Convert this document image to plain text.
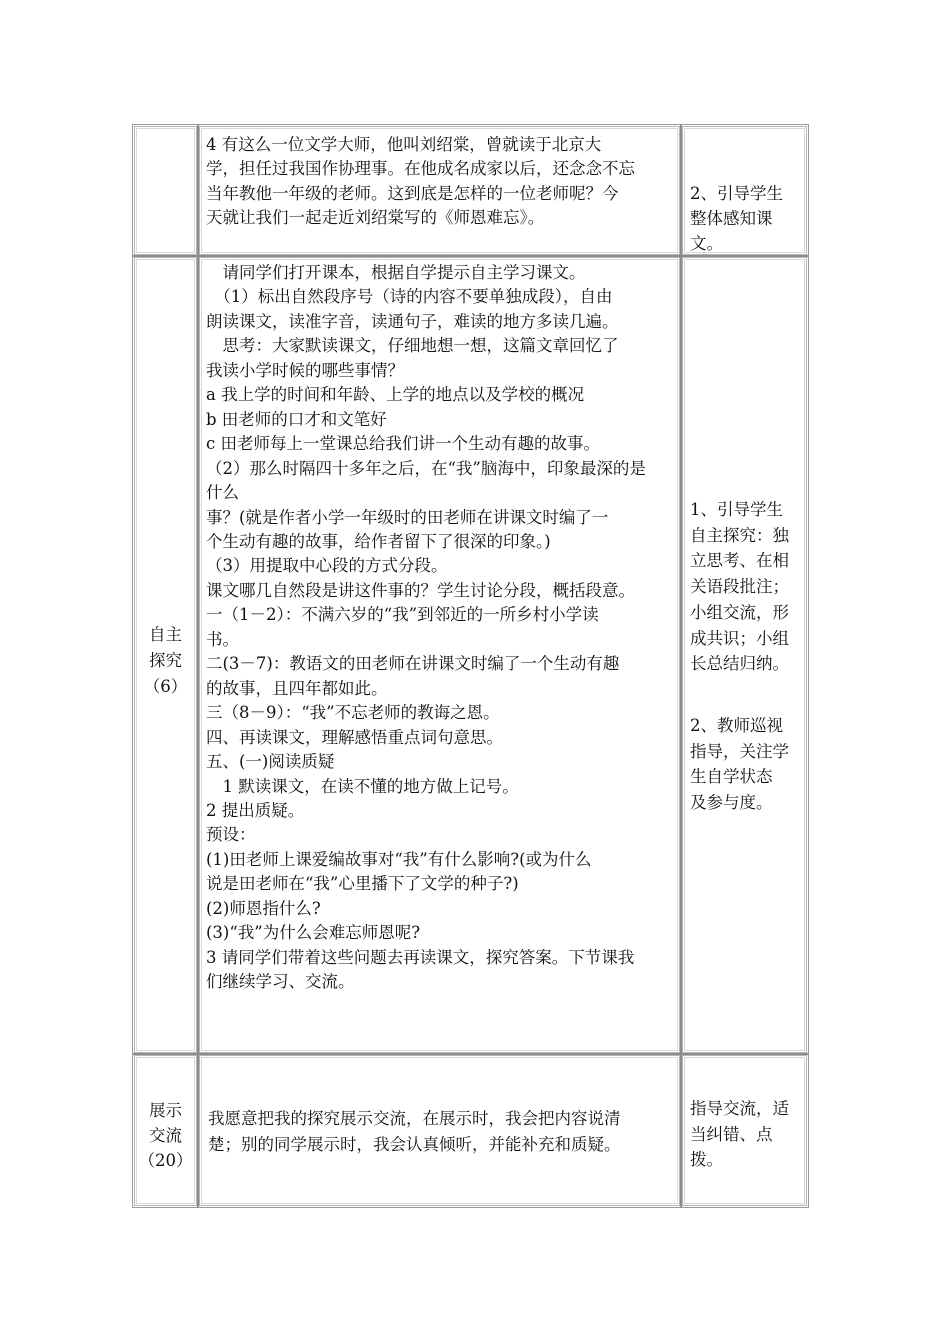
4 有这么一位文学大师，他叫刘绍棠，曾就读于北京大

学，担任过我国作协理事。在他成名成家以后，还念念不忘

当年教他一年级的老师。这到底是怎样的一位老师呢？今

天就让我们一起走近刘绍棠写的《师恩难忘》。

2、引导学生

整体感知课

文。

自主

探究

（6）

　请同学们打开课本，根据自学提示自主学习课文。

　（1）标出自然段序号（诗的内容不要单独成段），自由

朗读课文，读准字音，读通句子，难读的地方多读几遍。

　思考：大家默读课文，仔细地想一想，这篇文章回忆了

我读小学时候的哪些事情？

a 我上学的时间和年龄、上学的地点以及学校的概况

b 田老师的口才和文笔好

c 田老师每上一堂课总给我们讲一个生动有趣的故事。

（2）那么时隔四十多年之后，在“我”脑海中，印象最深的是

什么

事？(就是作者小学一年级时的田老师在讲课文时编了一

个生动有趣的故事，给作者留下了很深的印象。)

（3）用提取中心段的方式分段。

课文哪几自然段是讲这件事的？学生讨论分段，概括段意。

一（1－2）：不满六岁的“我”到邻近的一所乡村小学读

书。

二(3－7)：教语文的田老师在讲课文时编了一个生动有趣

的故事，且四年都如此。

三（8－9）：“我”不忘老师的教诲之恩。

四、再读课文，理解感悟重点词句意思。

五、(一)阅读质疑

　1 默读课文，在读不懂的地方做上记号。

2 提出质疑。

预设：

(1)田老师上课爱编故事对“我”有什么影响?(或为什么

说是田老师在“我”心里播下了文学的种子?)

(2)师恩指什么?

(3)“我”为什么会难忘师恩呢?

3 请同学们带着这些问题去再读课文，探究答案。下节课我

们继续学习、交流。

1、引导学生

自主探究：独

立思考、在相

关语段批注；

小组交流，形

成共识；小组

长总结归纳。

2、教师巡视

指导，关注学

生自学状态

及参与度。

展示

交流

（20）

我愿意把我的探究展示交流，在展示时，我会把内容说清

楚；别的同学展示时，我会认真倾听，并能补充和质疑。

指导交流，适

当纠错、点

拨。
